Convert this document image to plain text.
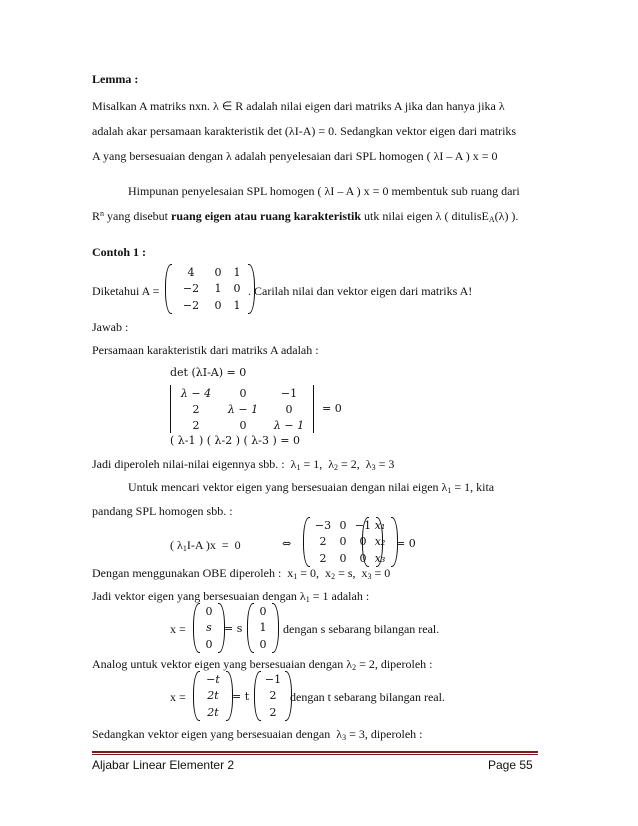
Lemma :
Misalkan A matriks nxn. λ ∈ R adalah nilai eigen dari matriks A jika dan hanya jika λ
adalah akar persamaan karakteristik det (λI-A) = 0. Sedangkan vektor eigen dari matriks
A yang bersesuaian dengan λ adalah penyelesaian dari SPL homogen ( λI – A ) x = 0
Himpunan penyelesaian SPL homogen ( λI – A ) x = 0 membentuk sub ruang dari
$R^n$ yang disebut ruang eigen atau ruang karakteristik utk nilai eigen λ ( ditulisE$_A$(λ) ).
Contoh 1 :
Diketahui A =
4	0	1
−2	1	0
−2	0	1
. Carilah nilai dan vektor eigen dari matriks A!
Jawab :
Persamaan karakteristik dari matriks A adalah :
det (λI-A) = 0
λ − 4	0	−1
2	λ − 1	0
2	0	λ − 1
= 0
( λ-1 ) ( λ-2 ) ( λ-3 ) = 0
Jadi diperoleh nilai-nilai eigennya sbb. :  $\lambda_1 = 1$,  $\lambda_2 = 2$,  $\lambda_3 = 3$
Untuk mencari vektor eigen yang bersesuaian dengan nilai eigen $\lambda_1 = 1$, kita
pandang SPL homogen sbb. :
( $\lambda_1I-A$ )x  =  0	⇔
−3 0 −1
2	0	0
2	0	0
x₁
x₂
x₃
= 0
Dengan menggunakan OBE diperoleh :  $x_1 = 0$,  $x_2 = s$,  $x_3 = 0$
Jadi vektor eigen yang bersesuaian dengan $\lambda_1 = 1$ adalah :
x =
0
s
0
= s
0
1
0
dengan s sebarang bilangan real.
Analog untuk vektor eigen yang bersesuaian dengan $\lambda_2 = 2$, diperoleh :
x =
−t
2t
2t
= t
−1
2
2
dengan t sebarang bilangan real.
Sedangkan vektor eigen yang bersesuaian dengan  $\lambda_3 = 3$, diperoleh :
Aljabar Linear Elementer 2	Page 55
